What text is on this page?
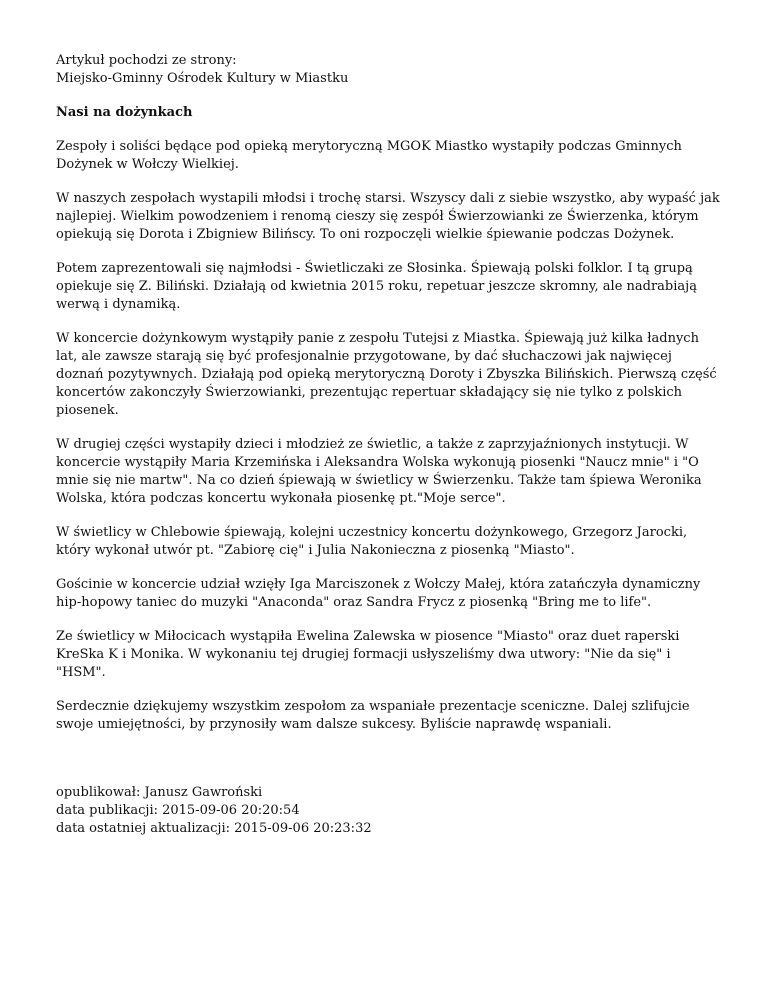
Artykuł pochodzi ze strony:
Miejsko-Gminny Ośrodek Kultury w Miastku
Nasi na dożynkach
Zespoły i soliści będące pod opieką merytoryczną MGOK Miastko wystapiły podczas Gminnych Dożynek w Wołczy Wielkiej.
W naszych zespołach wystapili młodsi i trochę starsi. Wszyscy dali z siebie wszystko, aby wypaść jak najlepiej. Wielkim powodzeniem i renomą cieszy się zespół Świerzowianki ze Świerzenka, którym opiekują się Dorota i Zbigniew Bilińscy. To oni rozpoczęli wielkie śpiewanie podczas Dożynek.
Potem zaprezentowali się najmłodsi - Świetliczaki ze Słosinka. Śpiewają polski folklor. I tą grupą opiekuje się Z. Biliński. Działają od kwietnia 2015 roku, repetuar jeszcze skromny, ale nadrabiają werwą i dynamiką.
W koncercie dożynkowym wystąpiły panie z zespołu Tutejsi z Miastka. Śpiewają już kilka ładnych lat, ale zawsze starają się być profesjonalnie przygotowane, by dać słuchaczowi jak najwięcej doznań pozytywnych. Działają pod opieką merytoryczną Doroty i Zbyszka Bilińskich. Pierwszą część koncertów zakonczyły Świerzowianki, prezentując repertuar składający się nie tylko z polskich piosenek.
W drugiej części wystapiły dzieci i młodzież ze świetlic, a także z zaprzyjaźnionych instytucji. W koncercie wystąpiły Maria Krzemińska i Aleksandra Wolska wykonują piosenki "Naucz mnie" i "O mnie się nie martw". Na co dzień śpiewają w świetlicy w Świerzenku. Także tam śpiewa Weronika Wolska, która podczas koncertu wykonała piosenkę pt."Moje serce".
W świetlicy w Chlebowie śpiewają, kolejni uczestnicy koncertu dożynkowego, Grzegorz Jarocki, który wykonał utwór pt. "Zabiorę cię" i Julia Nakonieczna z piosenką "Miasto".
Gościnie w koncercie udział wzięły Iga Marciszonek z Wołczy Małej, która zatańczyła dynamiczny hip-hopowy taniec do muzyki "Anaconda" oraz Sandra Frycz z piosenką "Bring me to life".
Ze świetlicy w Miłocicach wystąpiła Ewelina Zalewska w piosence "Miasto" oraz duet raperski KreSka K i Monika. W wykonaniu tej drugiej formacji usłyszeliśmy dwa utwory: "Nie da się" i "HSM".
Serdecznie dziękujemy wszystkim zespołom za wspaniałe prezentacje sceniczne. Dalej szlifujcie swoje umiejętności, by przynosiły wam dalsze sukcesy. Byliście naprawdę wspaniali.
opublikował: Janusz Gawroński
data publikacji: 2015-09-06 20:20:54
data ostatniej aktualizacji: 2015-09-06 20:23:32
